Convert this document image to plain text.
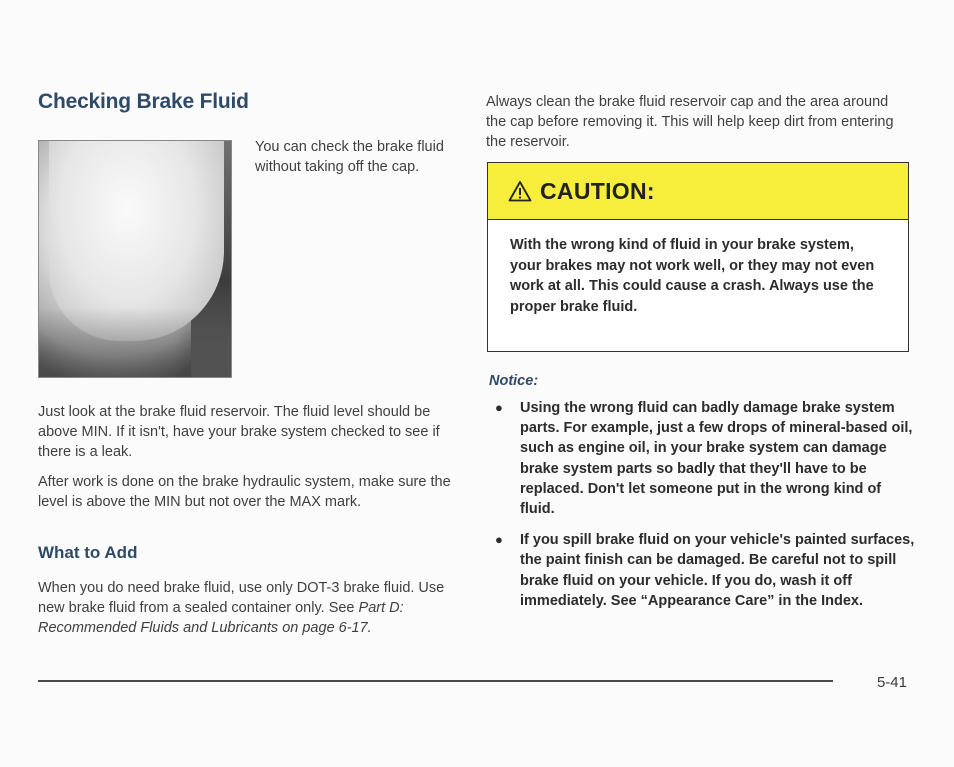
Checking Brake Fluid
You can check the brake fluid without taking off the cap.
Just look at the brake fluid reservoir. The fluid level should be above MIN. If it isn't, have your brake system checked to see if there is a leak.
After work is done on the brake hydraulic system, make sure the level is above the MIN but not over the MAX mark.
What to Add
When you do need brake fluid, use only DOT-3 brake fluid. Use new brake fluid from a sealed container only. See Part D: Recommended Fluids and Lubricants on page 6-17.
Always clean the brake fluid reservoir cap and the area around the cap before removing it. This will help keep dirt from entering the reservoir.
CAUTION:
With the wrong kind of fluid in your brake system, your brakes may not work well, or they may not even work at all. This could cause a crash. Always use the proper brake fluid.
Notice:
● Using the wrong fluid can badly damage brake system parts. For example, just a few drops of mineral-based oil, such as engine oil, in your brake system can damage brake system parts so badly that they'll have to be replaced. Don't let someone put in the wrong kind of fluid.
● If you spill brake fluid on your vehicle's painted surfaces, the paint finish can be damaged. Be careful not to spill brake fluid on your vehicle. If you do, wash it off immediately. See “Appearance Care” in the Index.
5-41
